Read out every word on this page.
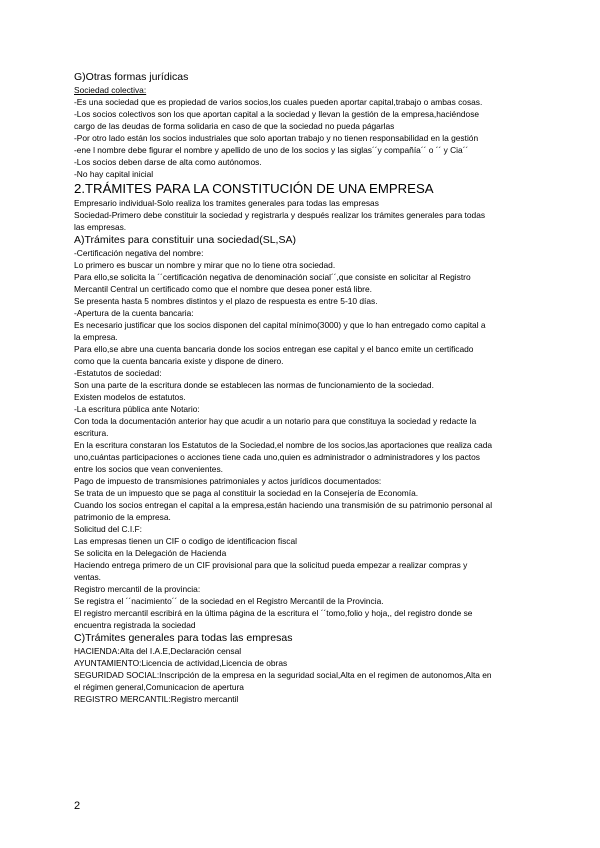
G)Otras formas jurídicas
Sociedad colectiva:
-Es una sociedad que es propiedad de varios socios,los cuales pueden aportar capital,trabajo o ambas cosas.
-Los socios colectivos son los que aportan capital a la sociedad y llevan la gestión de la empresa,haciéndose
cargo de las deudas de forma solidaria en caso de que la sociedad no pueda págarlas
-Por otro lado están los socios industriales que solo aportan trabajo y no tienen responsabilidad en la gestión
-ene l nombre debe figurar el nombre y apellido de uno de los socios y las siglas´´y compañía´´ o ´´ y Cia´´
-Los socios deben darse de alta como autónomos.
-No hay capital inicial
2.TRÁMITES PARA LA CONSTITUCIÓN DE UNA EMPRESA
Empresario individual-Solo realiza los tramites generales para todas las empresas
Sociedad-Primero debe constituir la sociedad y registrarla y después realizar los trámites generales para todas
las empresas.
A)Trámites para constituir una sociedad(SL,SA)
-Certificación negativa del nombre:
Lo primero es buscar un nombre y mirar que no lo tiene otra sociedad.
Para ello,se solicita la ´´certificación negativa de denominación social´´,que consiste en solicitar al Registro
Mercantil Central un certificado como que el nombre que desea poner está libre.
Se presenta hasta 5 nombres distintos y el plazo de respuesta es entre 5-10 días.
-Apertura de la cuenta bancaria:
Es necesario justificar que los socios disponen del capital mínimo(3000) y que lo han entregado como capital a
la empresa.
Para ello,se abre una cuenta bancaria donde los socios entregan ese capital y el banco emite un certificado
como que la cuenta bancaria existe y dispone de dinero.
-Estatutos de sociedad:
Son una parte de la escritura donde se establecen las normas de funcionamiento de la sociedad.
Existen modelos de estatutos.
-La escritura pública ante Notario:
Con toda la documentación anterior hay que acudir a un notario para que constituya la sociedad y redacte la
escritura.
En la escritura constaran los Estatutos de la Sociedad,el nombre de los socios,las aportaciones que realiza cada
uno,cuántas participaciones o acciones tiene cada uno,quien es administrador o administradores y los pactos
entre los socios que vean convenientes.
Pago de impuesto de transmisiones patrimoniales y actos jurídicos documentados:
Se trata de un impuesto que se paga al constituir la sociedad en la Consejería de Economía.
Cuando los socios entregan el capital a la empresa,están haciendo una transmisión de su patrimonio personal al
patrimonio de la empresa.
Solicitud del C.I.F:
Las empresas tienen un CIF o codigo de identificacion fiscal
Se solicita en la Delegación de Hacienda
Haciendo entrega primero de un CIF provisional para que la solicitud pueda empezar a realizar compras y
ventas.
Registro mercantil de la provincia:
Se registra el ´´nacimiento´´ de la sociedad en el Registro Mercantil de la Provincia.
El registro mercantil escribirá en la última página de la escritura el ´´tomo,folio y hoja,, del registro donde se
encuentra registrada la sociedad
C)Trámites generales para todas las empresas
HACIENDA:Alta del I.A.E,Declaración censal
AYUNTAMIENTO:Licencia de actividad,Licencia de obras
SEGURIDAD SOCIAL:Inscripción de la empresa en la seguridad social,Alta en el regimen de autonomos,Alta en
el régimen general,Comunicacion de apertura
REGISTRO MERCANTIL:Registro mercantil
2
